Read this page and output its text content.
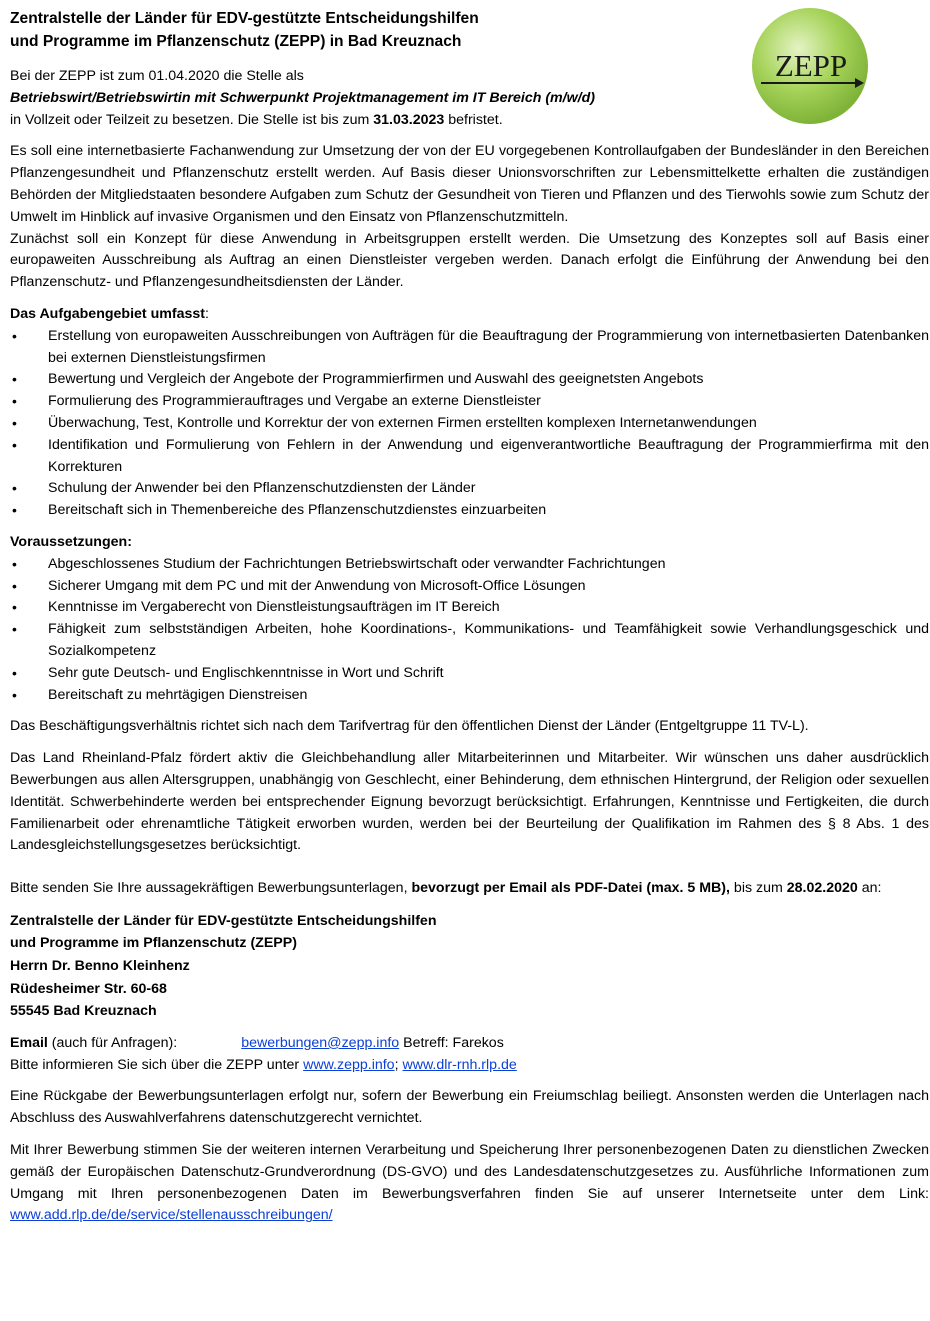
ZEPP
Zentralstelle der Länder für EDV-gestützte Entscheidungshilfen
und Programme im Pflanzenschutz (ZEPP) in Bad Kreuznach

Bei der ZEPP ist zum 01.04.2020 die Stelle als

Betriebswirt/Betriebswirtin mit Schwerpunkt Projektmanagement im IT Bereich (m/w/d)

in Vollzeit oder Teilzeit zu besetzen. Die Stelle ist bis zum 31.03.2023 befristet.

Es soll eine internetbasierte Fachanwendung zur Umsetzung der von der EU vorgegebenen Kontrollaufgaben der Bundesländer in den Bereichen Pflanzengesundheit und Pflanzenschutz erstellt werden. Auf Basis dieser Unionsvorschriften zur Lebensmittelkette erhalten die zuständigen Behörden der Mitgliedstaaten besondere Aufgaben zum Schutz der Gesundheit von Tieren und Pflanzen und des Tierwohls sowie zum Schutz der Umwelt im Hinblick auf invasive Organismen und den Einsatz von Pflanzenschutzmitteln.

Zunächst soll ein Konzept für diese Anwendung in Arbeitsgruppen erstellt werden. Die Umsetzung des Konzeptes soll auf Basis einer europaweiten Ausschreibung als Auftrag an einen Dienstleister vergeben werden. Danach erfolgt die Einführung der Anwendung bei den Pflanzenschutz- und Pflanzengesundheitsdiensten der Länder.

Das Aufgabengebiet umfasst:

• Erstellung von europaweiten Ausschreibungen von Aufträgen für die Beauftragung der Programmierung von internetbasierten Datenbanken bei externen Dienstleistungsfirmen
• Bewertung und Vergleich der Angebote der Programmierfirmen und Auswahl des geeignetsten Angebots
• Formulierung des Programmierauftrages und Vergabe an externe Dienstleister
• Überwachung, Test, Kontrolle und Korrektur der von externen Firmen erstellten komplexen Internetanwendungen
• Identifikation und Formulierung von Fehlern in der Anwendung und eigenverantwortliche Beauftragung der Programmierfirma mit den Korrekturen
• Schulung der Anwender bei den Pflanzenschutzdiensten der Länder
• Bereitschaft sich in Themenbereiche des Pflanzenschutzdienstes einzuarbeiten

Voraussetzungen:

• Abgeschlossenes Studium der Fachrichtungen Betriebswirtschaft oder verwandter Fachrichtungen
• Sicherer Umgang mit dem PC und mit der Anwendung von Microsoft-Office Lösungen
• Kenntnisse im Vergaberecht von Dienstleistungsaufträgen im IT Bereich
• Fähigkeit zum selbstständigen Arbeiten, hohe Koordinations-, Kommunikations- und Teamfähigkeit sowie Verhandlungsgeschick und Sozialkompetenz
• Sehr gute Deutsch- und Englischkenntnisse in Wort und Schrift
• Bereitschaft zu mehrtägigen Dienstreisen

Das Beschäftigungsverhältnis richtet sich nach dem Tarifvertrag für den öffentlichen Dienst der Länder (Entgeltgruppe 11 TV-L).

Das Land Rheinland-Pfalz fördert aktiv die Gleichbehandlung aller Mitarbeiterinnen und Mitarbeiter. Wir wünschen uns daher ausdrücklich Bewerbungen aus allen Altersgruppen, unabhängig von Geschlecht, einer Behinderung, dem ethnischen Hintergrund, der Religion oder sexuellen Identität. Schwerbehinderte werden bei entsprechender Eignung bevorzugt berücksichtigt. Erfahrungen, Kenntnisse und Fertigkeiten, die durch Familienarbeit oder ehrenamtliche Tätigkeit erworben wurden, werden bei der Beurteilung der Qualifikation im Rahmen des § 8 Abs. 1 des Landesgleichstellungsgesetzes berücksichtigt.

Bitte senden Sie Ihre aussagekräftigen Bewerbungsunterlagen, bevorzugt per Email als PDF-Datei (max. 5 MB), bis zum 28.02.2020 an:

Zentralstelle der Länder für EDV-gestützte Entscheidungshilfen
und Programme im Pflanzenschutz (ZEPP)
Herrn Dr. Benno Kleinhenz
Rüdesheimer Str. 60-68
55545 Bad Kreuznach

Email (auch für Anfragen):	bewerbungen@zepp.info Betreff: Farekos

Bitte informieren Sie sich über die ZEPP unter www.zepp.info; www.dlr-rnh.rlp.de

Eine Rückgabe der Bewerbungsunterlagen erfolgt nur, sofern der Bewerbung ein Freiumschlag beiliegt. Ansonsten werden die Unterlagen nach Abschluss des Auswahlverfahrens datenschutzgerecht vernichtet.

Mit Ihrer Bewerbung stimmen Sie der weiteren internen Verarbeitung und Speicherung Ihrer personenbezogenen Daten zu dienstlichen Zwecken gemäß der Europäischen Datenschutz-Grundverordnung (DS-GVO) und des Landesdatenschutzgesetzes zu. Ausführliche Informationen zum Umgang mit Ihren personenbezogenen Daten im Bewerbungsverfahren finden Sie auf unserer Internetseite unter dem Link: www.add.rlp.de/de/service/stellenausschreibungen/
